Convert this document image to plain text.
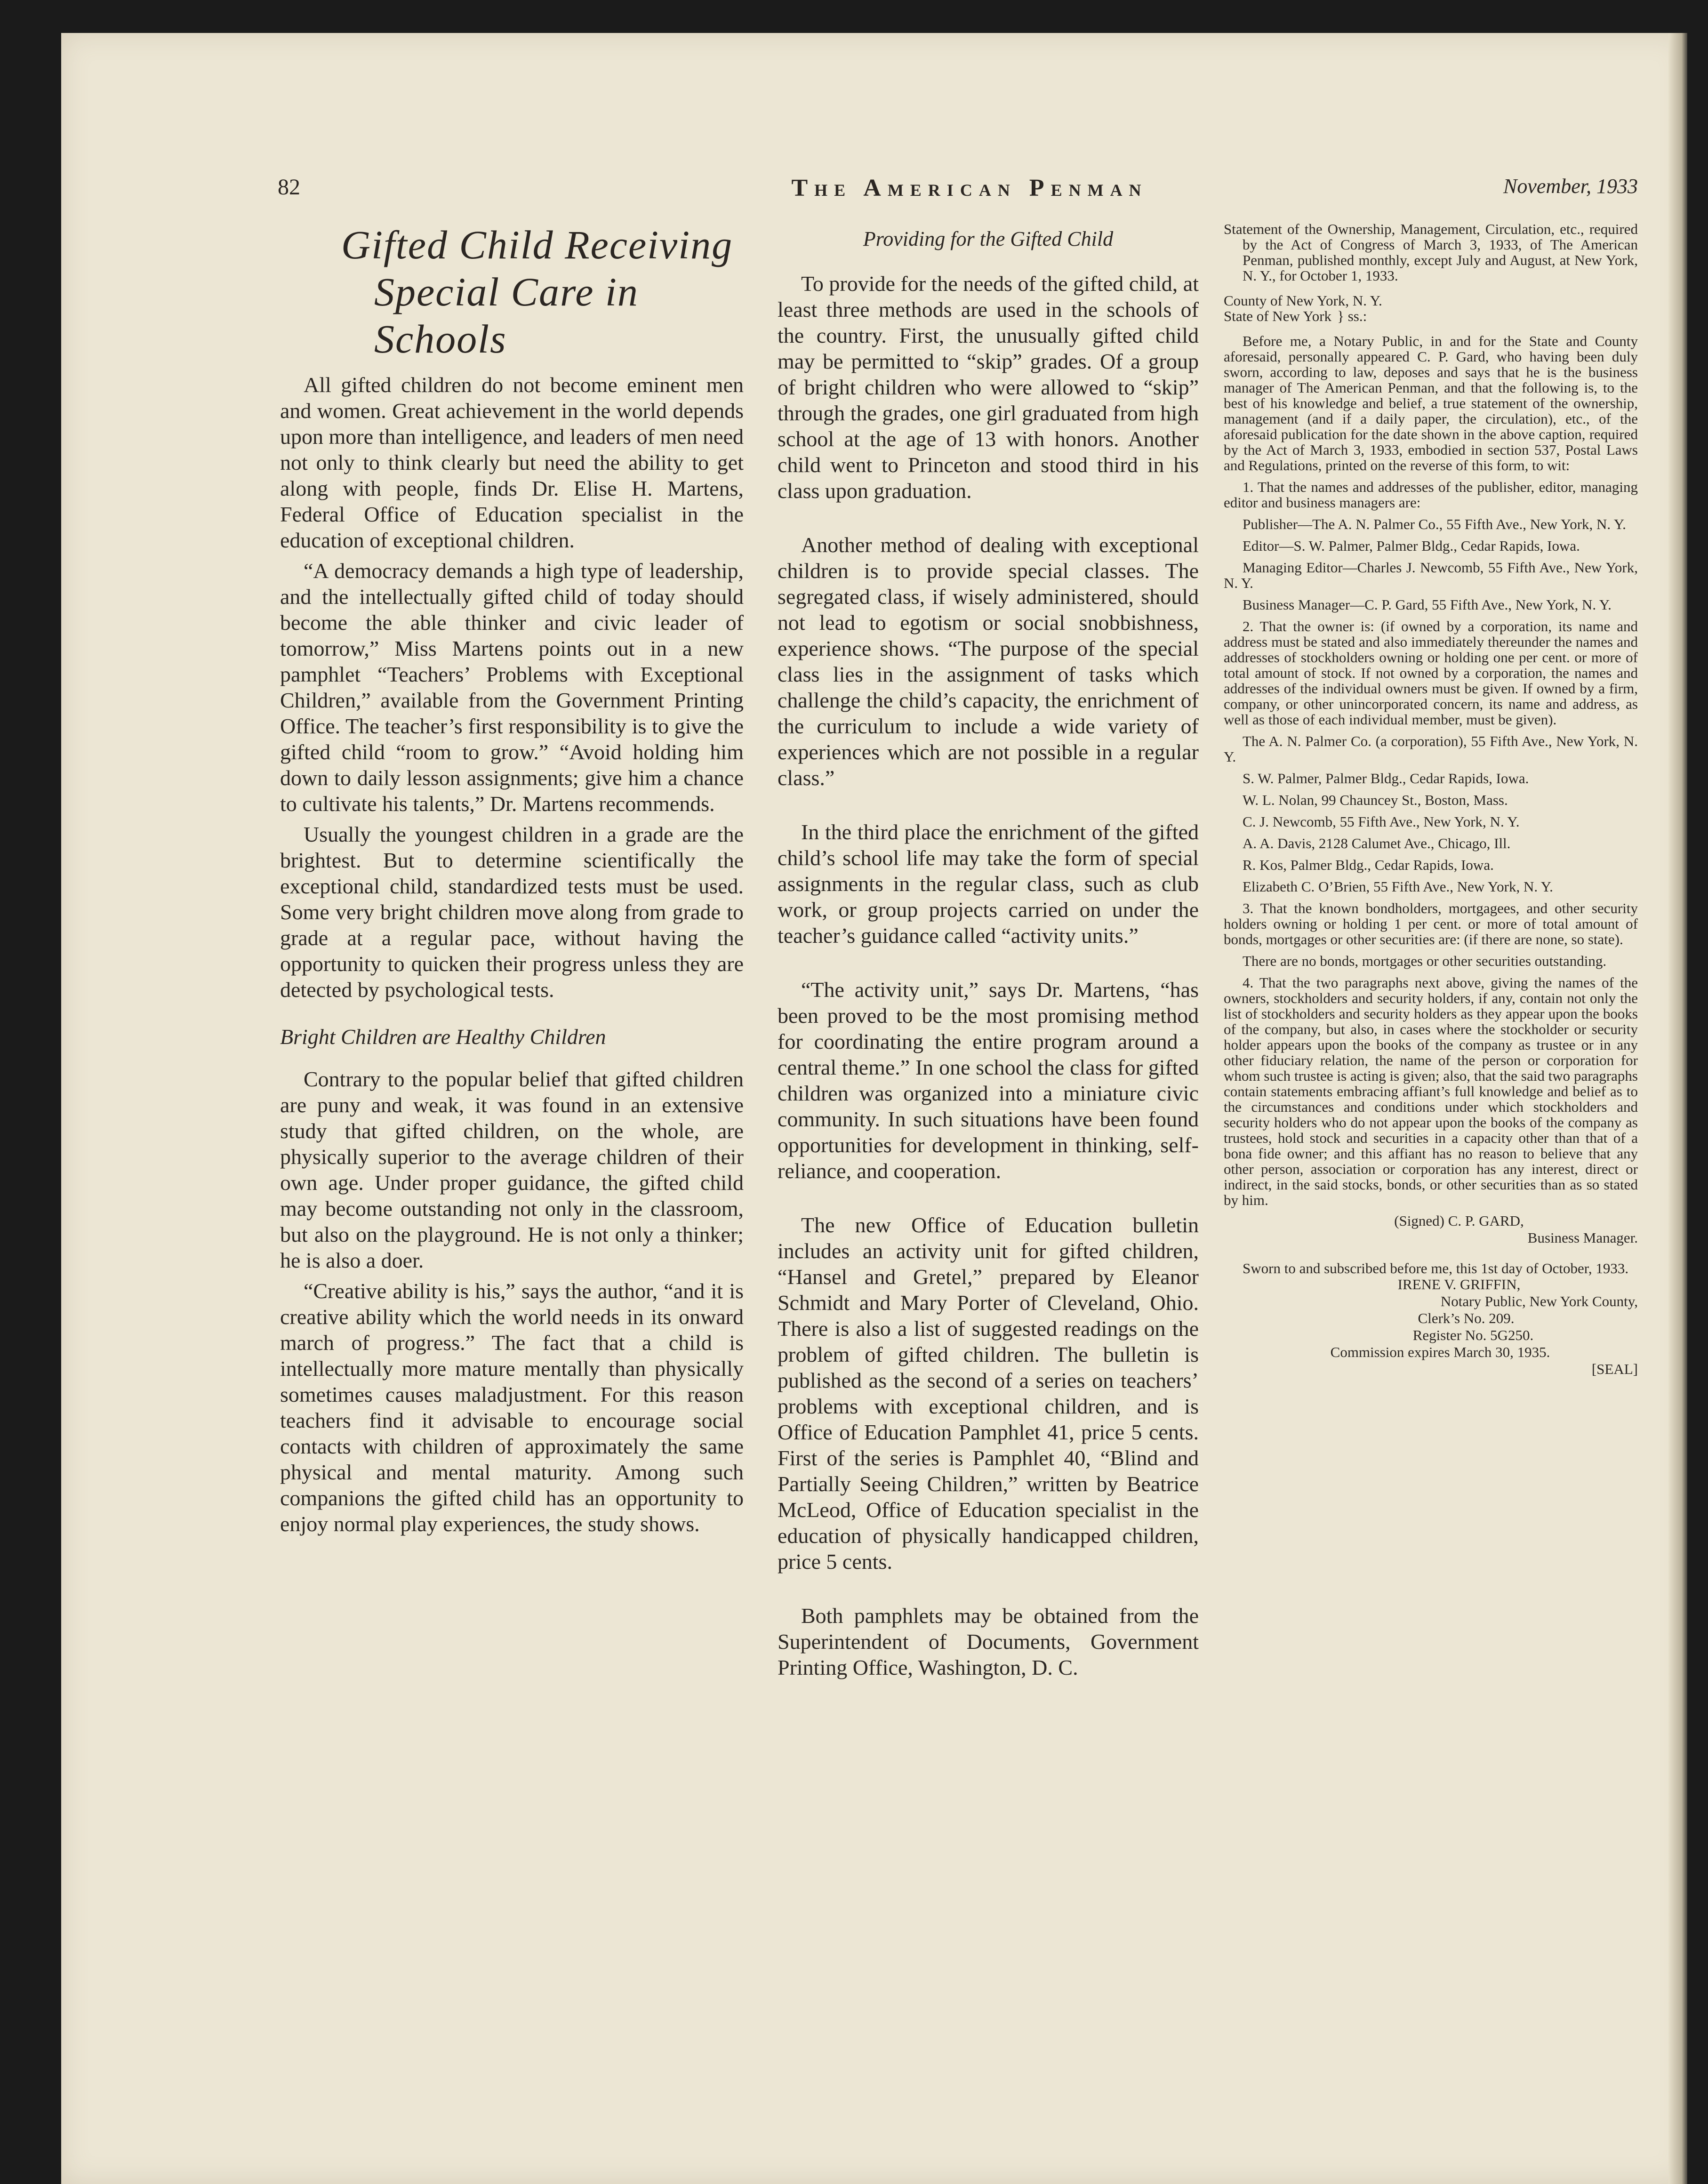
82	The American Penman	November, 1933
Gifted Child Receiving
Special Care in Schools

All gifted children do not become eminent men and women. Great achievement in the world depends upon more than intelligence, and leaders of men need not only to think clearly but need the ability to get along with people, finds Dr. Elise H. Martens, Federal Office of Education specialist in the education of exceptional children.

“A democracy demands a high type of leadership, and the intellectually gifted child of today should become the able thinker and civic leader of tomorrow,” Miss Martens points out in a new pamphlet “Teachers’ Problems with Exceptional Children,” available from the Government Printing Office. The teacher’s first responsibility is to give the gifted child “room to grow.” “Avoid holding him down to daily lesson assignments; give him a chance to cultivate his talents,” Dr. Martens recommends.

Usually the youngest children in a grade are the brightest. But to determine scientifically the exceptional child, standardized tests must be used. Some very bright children move along from grade to grade at a regular pace, without having the opportunity to quicken their progress unless they are detected by psychological tests.

Bright Children are Healthy Children

Contrary to the popular belief that gifted children are puny and weak, it was found in an extensive study that gifted children, on the whole, are physically superior to the average children of their own age. Under proper guidance, the gifted child may become outstanding not only in the classroom, but also on the playground. He is not only a thinker; he is also a doer.

“Creative ability is his,” says the author, “and it is creative ability which the world needs in its onward march of progress.” The fact that a child is intellectually more mature mentally than physically sometimes causes maladjustment. For this reason teachers find it advisable to encourage social contacts with children of approximately the same physical and mental maturity. Among such companions the gifted child has an opportunity to enjoy normal play experiences, the study shows.

Providing for the Gifted Child

To provide for the needs of the gifted child, at least three methods are used in the schools of the country. First, the unusually gifted child may be permitted to “skip” grades. Of a group of bright children who were allowed to “skip” through the grades, one girl graduated from high school at the age of 13 with honors. Another child went to Princeton and stood third in his class upon graduation.

Another method of dealing with exceptional children is to provide special classes. The segregated class, if wisely administered, should not lead to egotism or social snobbishness, experience shows. “The purpose of the special class lies in the assignment of tasks which challenge the child’s capacity, the enrichment of the curriculum to include a wide variety of experiences which are not possible in a regular class.”

In the third place the enrichment of the gifted child’s school life may take the form of special assignments in the regular class, such as club work, or group projects carried on under the teacher’s guidance called “activity units.”

“The activity unit,” says Dr. Martens, “has been proved to be the most promising method for coordinating the entire program around a central theme.” In one school the class for gifted children was organized into a miniature civic community. In such situations have been found opportunities for development in thinking, self-reliance, and cooperation.

The new Office of Education bulletin includes an activity unit for gifted children, “Hansel and Gretel,” prepared by Eleanor Schmidt and Mary Porter of Cleveland, Ohio. There is also a list of suggested readings on the problem of gifted children. The bulletin is published as the second of a series on teachers’ problems with exceptional children, and is Office of Education Pamphlet 41, price 5 cents. First of the series is Pamphlet 40, “Blind and Partially Seeing Children,” written by Beatrice McLeod, Office of Education specialist in the education of physically handicapped children, price 5 cents.

Both pamphlets may be obtained from the Superintendent of Documents, Government Printing Office, Washington, D. C.

Statement of the Ownership, Management, Circulation, etc., required by the Act of Congress of March 3, 1933, of The American Penman, published monthly, except July and August, at New York, N. Y., for October 1, 1933.

County of New York, N. Y.
State of New York } ss.:

Before me, a Notary Public, in and for the State and County aforesaid, personally appeared C. P. Gard, who having been duly sworn, according to law, deposes and says that he is the business manager of The American Penman, and that the following is, to the best of his knowledge and belief, a true statement of the ownership, management (and if a daily paper, the circulation), etc., of the aforesaid publication for the date shown in the above caption, required by the Act of March 3, 1933, embodied in section 537, Postal Laws and Regulations, printed on the reverse of this form, to wit:

1. That the names and addresses of the publisher, editor, managing editor and business managers are:

Publisher—The A. N. Palmer Co., 55 Fifth Ave., New York, N. Y.

Editor—S. W. Palmer, Palmer Bldg., Cedar Rapids, Iowa.

Managing Editor—Charles J. Newcomb, 55 Fifth Ave., New York, N. Y.

Business Manager—C. P. Gard, 55 Fifth Ave., New York, N. Y.

2. That the owner is: (if owned by a corporation, its name and address must be stated and also immediately thereunder the names and addresses of stockholders owning or holding one per cent. or more of total amount of stock. If not owned by a corporation, the names and addresses of the individual owners must be given. If owned by a firm, company, or other unincorporated concern, its name and address, as well as those of each individual member, must be given).

The A. N. Palmer Co. (a corporation), 55 Fifth Ave., New York, N. Y.

S. W. Palmer, Palmer Bldg., Cedar Rapids, Iowa.

W. L. Nolan, 99 Chauncey St., Boston, Mass.

C. J. Newcomb, 55 Fifth Ave., New York, N. Y.

A. A. Davis, 2128 Calumet Ave., Chicago, Ill.

R. Kos, Palmer Bldg., Cedar Rapids, Iowa.

Elizabeth C. O’Brien, 55 Fifth Ave., New York, N. Y.

3. That the known bondholders, mortgagees, and other security holders owning or holding 1 per cent. or more of total amount of bonds, mortgages or other securities are: (if there are none, so state).

There are no bonds, mortgages or other securities outstanding.

4. That the two paragraphs next above, giving the names of the owners, stockholders and security holders, if any, contain not only the list of stockholders and security holders as they appear upon the books of the company, but also, in cases where the stockholder or security holder appears upon the books of the company as trustee or in any other fiduciary relation, the name of the person or corporation for whom such trustee is acting is given; also, that the said two paragraphs contain statements embracing affiant’s full knowledge and belief as to the circumstances and conditions under which stockholders and security holders who do not appear upon the books of the company as trustees, hold stock and securities in a capacity other than that of a bona fide owner; and this affiant has no reason to believe that any other person, association or corporation has any interest, direct or indirect, in the said stocks, bonds, or other securities than as so stated by him.

(Signed) C. P. GARD,
Business Manager.

Sworn to and subscribed before me, this 1st day of October, 1933.

IRENE V. GRIFFIN,
Notary Public, New York County,
Clerk’s No. 209.
Register No. 5G250.
Commission expires March 30, 1935.
[SEAL]
